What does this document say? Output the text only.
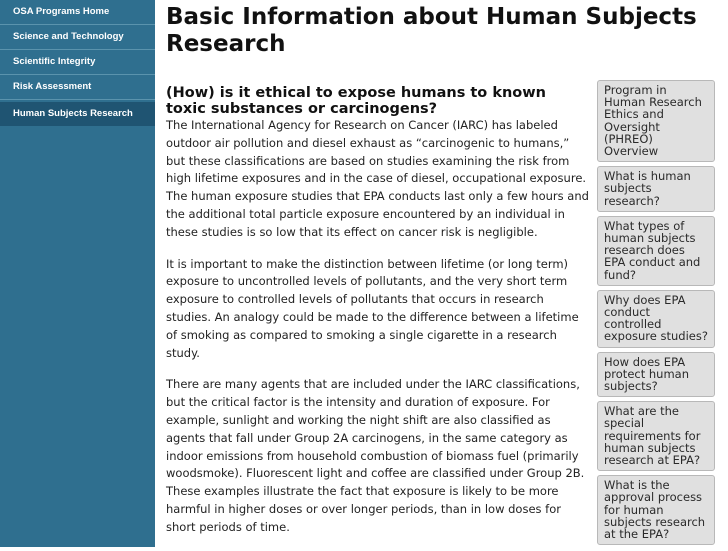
OSA Programs Home
Science and Technology
Scientific Integrity
Risk Assessment
Human Subjects Research
Basic Information about Human Subjects
Research
(How) is it ethical to expose humans to known toxic substances or carcinogens?

The International Agency for Research on Cancer (IARC) has labeled outdoor air pollution and diesel exhaust as “carcinogenic to humans,” but these classifications are based on studies examining the risk from high lifetime exposures and in the case of diesel, occupational exposure. The human exposure studies that EPA conducts last only a few hours and the additional total particle exposure encountered by an individual in these studies is so low that its effect on cancer risk is negligible.

It is important to make the distinction between lifetime (or long term) exposure to uncontrolled levels of pollutants, and the very short term exposure to controlled levels of pollutants that occurs in research studies. An analogy could be made to the difference between a lifetime of smoking as compared to smoking a single cigarette in a research study.

There are many agents that are included under the IARC classifications, but the critical factor is the intensity and duration of exposure. For example, sunlight and working the night shift are also classified as agents that fall under Group 2A carcinogens, in the same category as indoor emissions from household combustion of biomass fuel (primarily woodsmoke). Fluorescent light and coffee are classified under Group 2B. These examples illustrate the fact that exposure is likely to be more harmful in higher doses or over longer periods, than in low doses for short periods of time.

Program in Human Research Ethics and Oversight (PHREO) Overview
What is human subjects research?
What types of human subjects research does EPA conduct and fund?
Why does EPA conduct controlled exposure studies?
How does EPA protect human subjects?
What are the special requirements for human subjects research at EPA?
What is the approval process for human subjects research at the EPA?
